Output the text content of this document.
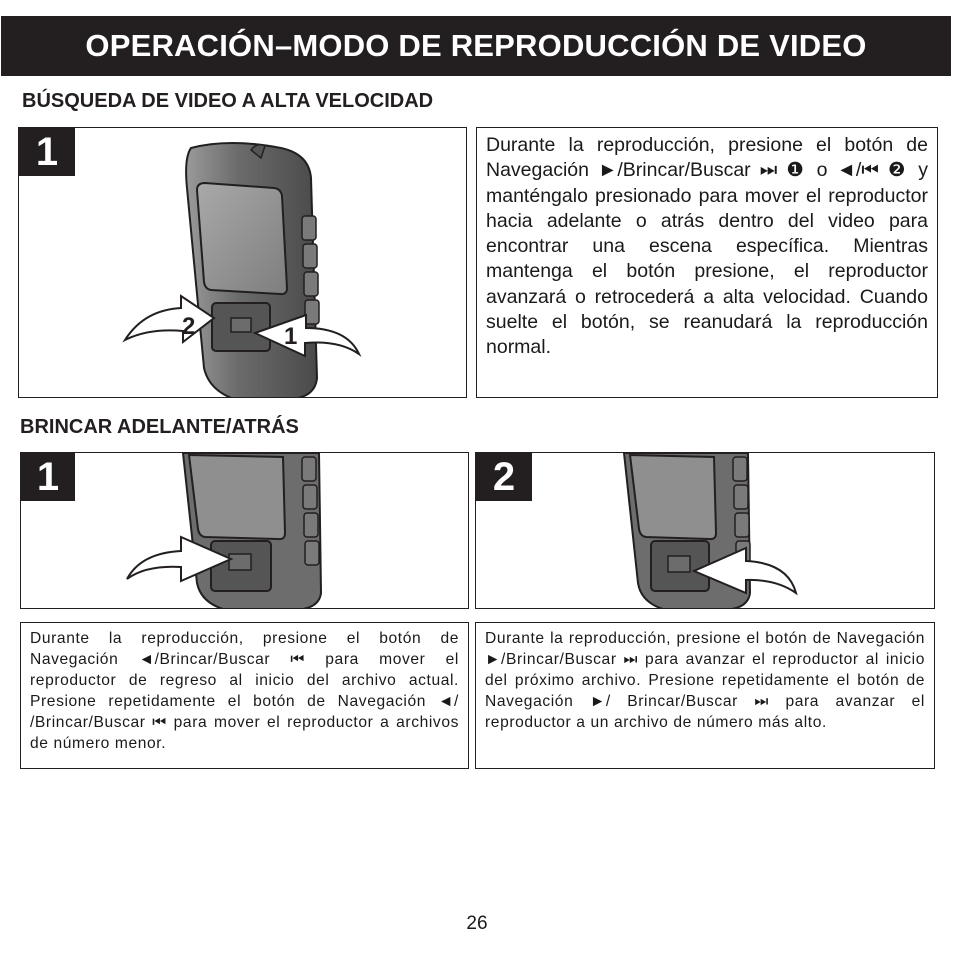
OPERACIÓN–MODO DE REPRODUCCIÓN DE VIDEO
BÚSQUEDA DE VIDEO A ALTA VELOCIDAD
2	1
1	Durante la reproducción, presione el botón de Navegación ►/Brincar/Buscar ⏭ ❶ o ◄/⏮ ❷ y manténgalo presionado para mover el reproductor hacia adelante o atrás dentro del video para encontrar una escena específica. Mientras mantenga el botón presione, el reproductor avanzará o retrocederá a alta velocidad. Cuando suelte el botón, se reanudará la reproducción normal.
BRINCAR ADELANTE/ATRÁS
1	2
Durante la reproducción, presione el botón de Navegación ◄/Brincar/Buscar ⏮ para mover el reproductor de regreso al inicio del archivo actual. Presione repetidamente el botón de Navegación ◄/ /Brincar/Buscar ⏮ para mover el reproductor a archivos de número menor.
Durante la reproducción, presione el botón de Navegación ►/Brincar/Buscar ⏭ para avanzar el reproductor al inicio del próximo archivo. Presione repetidamente el botón de Navegación ►/ Brincar/Buscar ⏭ para avanzar el reproductor a un archivo de número más alto.
26
